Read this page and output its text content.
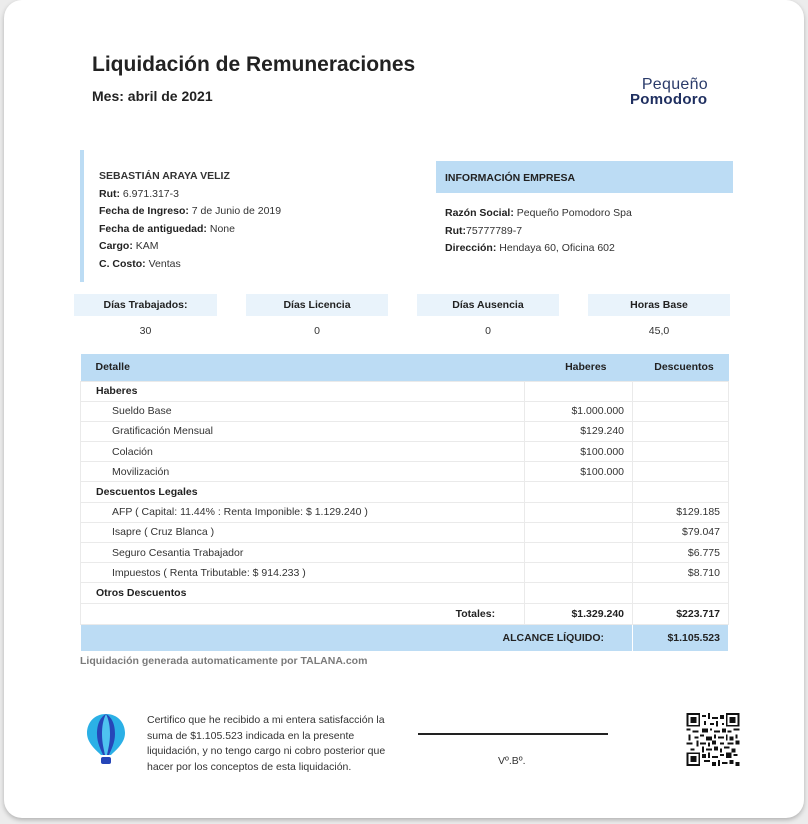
Liquidación de Remuneraciones
Mes: abril de 2021
Pequeño
Pomodoro
SEBASTIÁN ARAYA VELIZ
Rut: 6.971.317-3
Fecha de Ingreso: 7 de Junio de 2019
Fecha de antiguedad: None
Cargo: KAM
C. Costo: Ventas
INFORMACIÓN EMPRESA
Razón Social: Pequeño Pomodoro Spa
Rut:75777789-7
Dirección: Hendaya 60, Oficina 602
Días Trabajados:	Días Licencia	Días Ausencia	Horas Base
30	0	0	45,0
Detalle	Haberes	Descuentos
Haberes		
Sueldo Base	$1.000.000	
Gratificación Mensual	$129.240	
Colación	$100.000	
Movilización	$100.000	
Descuentos Legales		
AFP ( Capital: 11.44% : Renta Imponible: $ 1.129.240 )		$129.185
Isapre ( Cruz Blanca )		$79.047
Seguro Cesantia Trabajador		$6.775
Impuestos ( Renta Tributable: $ 914.233 )		$8.710
Otros Descuentos		
Totales:	$1.329.240	$223.717
ALCANCE LÍQUIDO:		$1.105.523
Liquidación generada automaticamente por TALANA.com
Certifico que he recibido a mi entera satisfacción la suma de $1.105.523 indicada en la presente liquidación, y no tengo cargo ni cobro posterior que hacer por los conceptos de esta liquidación.	Vº.Bº.
